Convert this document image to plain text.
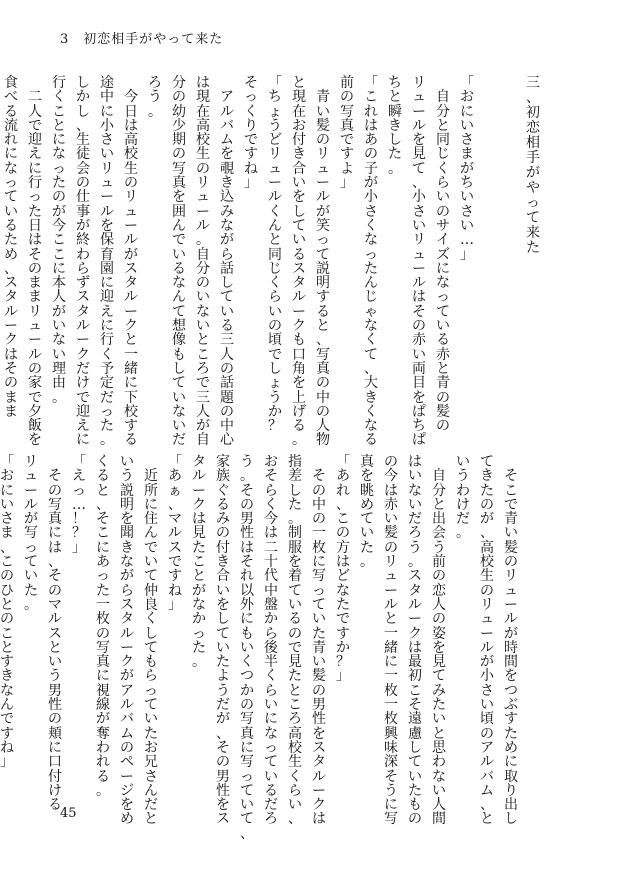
3　初恋相手がやって来た
三
、
初
恋
相
手
が
や
っ
て
来
た
「
お
に
い
さ
ま
が
ち
い
さ
い
…
」

自
分
と
同
じ
く
ら
い
の
サ
イ
ズ
に
な
っ
て
い
る
赤
と
青
の
髪
の
リ
ュ
ー
ル
を
見
て
、
小
さ
い
リ
ュ
ー
ル
は
そ
の
赤
い
両
目
を
ぱ
ち
ぱ
ち
と
瞬
き
し
た
。
「
こ
れ
は
あ
の
子
が
小
さ
く
な
っ
た
ん
じ
ゃ
な
く
て
、
大
き
く
な
る
前
の
写
真
で
す
よ
」

青
い
髪
の
リ
ュ
ー
ル
が
笑
っ
て
説
明
す
る
と
、
写
真
の
中
の
人
物
と
現
在
お
付
き
合
い
を
し
て
い
る
ス
タ
ル
ー
ク
も
口
角
を
上
げ
る
。
「
ち
ょ
う
ど
リ
ュ
ー
ル
く
ん
と
同
じ
く
ら
い
の
頃
で
し
ょ
う
か
？
そ
っ
く
り
で
す
ね
」

ア
ル
バ
ム
を
覗
き
込
み
な
が
ら
話
し
て
い
る
三
人
の
話
題
の
中
心
は
現
在
高
校
生
の
リ
ュ
ー
ル
。
自
分
の
い
な
い
と
こ
ろ
で
三
人
が
自
分
の
幼
少
期
の
写
真
を
囲
ん
で
い
る
な
ん
て
想
像
も
し
て
い
な
い
だ
ろ
う
。

今
日
は
高
校
生
の
リ
ュ
ー
ル
が
ス
タ
ル
ー
ク
と
一
緒
に
下
校
す
る
途
中
に
小
さ
い
リ
ュ
ー
ル
を
保
育
園
に
迎
え
に
行
く
予
定
だ
っ
た
。
し
か
し
、
生
徒
会
の
仕
事
が
終
わ
ら
ず
ス
タ
ル
ー
ク
だ
け
で
迎
え
に
行
く
こ
と
に
な
っ
た
の
が
今
こ
こ
に
本
人
が
い
な
い
理
由
。

二
人
で
迎
え
に
行
っ
た
日
は
そ
の
ま
ま
リ
ュ
ー
ル
の
家
で
夕
飯
を
食
べ
る
流
れ
に
な
っ
て
い
る
た
め
、
ス
タ
ル
ー
ク
は
そ
の
ま
ま

そ
こ
で
青
い
髪
の
リ
ュ
ー
ル
が
時
間
を
つ
ぶ
す
た
め
に
取
り
出
し
て
き
た
の
が
、
高
校
生
の
リ
ュ
ー
ル
が
小
さ
い
頃
の
ア
ル
バ
ム
、
と
い
う
わ
け
だ
。

自
分
と
出
会
う
前
の
恋
人
の
姿
を
見
て
み
た
い
と
思
わ
な
い
人
間
は
い
な
い
だ
ろ
う
。
ス
タ
ル
ー
ク
は
最
初
こ
そ
遠
慮
し
て
い
た
も
の
の
今
は
赤
い
髪
の
リ
ュ
ー
ル
と
一
緒
に
一
枚
一
枚
興
味
深
そ
う
に
写
真
を
眺
め
て
い
た
。
「
あ
れ
、
こ
の
方
は
ど
な
た
で
す
か
？
」

そ
の
中
の
一
枚
に
写
っ
て
い
た
青
い
髪
の
男
性
を
ス
タ
ル
ー
ク
は
指
差
し
た
。
制
服
を
着
て
い
る
の
で
見
た
と
こ
ろ
高
校
生
く
ら
い
、
お
そ
ら
く
今
は
二
十
代
中
盤
か
ら
後
半
く
ら
い
に
な
っ
て
い
る
だ
ろ
う
。
そ
の
男
性
は
そ
れ
以
外
に
も
い
く
つ
か
の
写
真
に
写
っ
て
い
て
、
家
族
ぐ
る
み
の
付
き
合
い
を
し
て
い
た
よ
う
だ
が
、
そ
の
男
性
を
ス
タ
ル
ー
ク
は
見
た
こ
と
が
な
か
っ
た
。
「
あ
ぁ
、
マ
ル
ス
で
す
ね
」

近
所
に
住
ん
で
い
て
仲
良
く
し
て
も
ら
っ
て
い
た
お
兄
さ
ん
だ
と
い
う
説
明
を
聞
き
な
が
ら
ス
タ
ル
ー
ク
が
ア
ル
バ
ム
の
ペ
ー
ジ
を
め
く
る
と
、
そ
こ
に
あ
っ
た
一
枚
の
写
真
に
視
線
が
奪
わ
れ
る
。
「
え
っ
…
！
？
」

そ
の
写
真
に
は
、
そ
の
マ
ル
ス
と
い
う
男
性
の
頬
に
口
付
け
る
リ
ュ
ー
ル
が
写
っ
て
い
た
。
「
お
に
い
さ
ま
、
こ
の
ひ
と
の
こ
と
す
き
な
ん
で
す
ね
」

45
